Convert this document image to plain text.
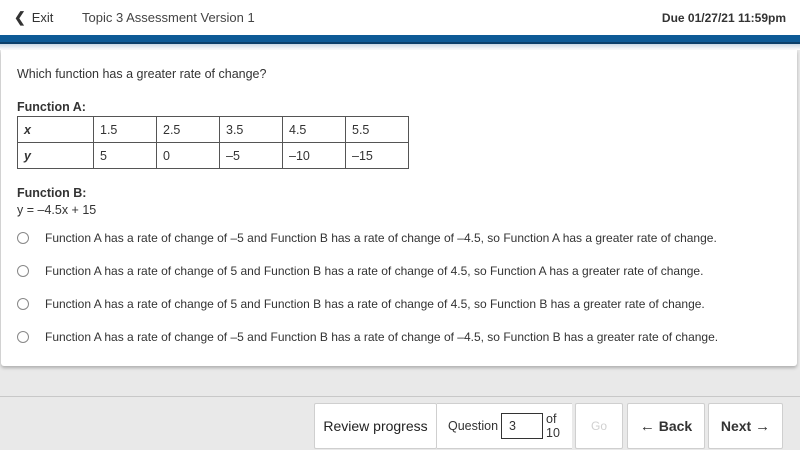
❮ Exit Topic 3 Assessment Version 1	Due 01/27/21 11:59pm
Which function has a greater rate of change?
Function A:
x	1.5	2.5	3.5	4.5	5.5
y	5	0	–5	–10	–15
Function B:
y = –4.5x + 15
Function A has a rate of change of –5 and Function B has a rate of change of –4.5, so Function A has a greater rate of change.
Function A has a rate of change of 5 and Function B has a rate of change of 4.5, so Function A has a greater rate of change.
Function A has a rate of change of 5 and Function B has a rate of change of 4.5, so Function B has a greater rate of change.
Function A has a rate of change of –5 and Function B has a rate of change of –4.5, so Function B has a greater rate of change.
Review progress	Question
3	of 10	Go	←
Back Next
→
